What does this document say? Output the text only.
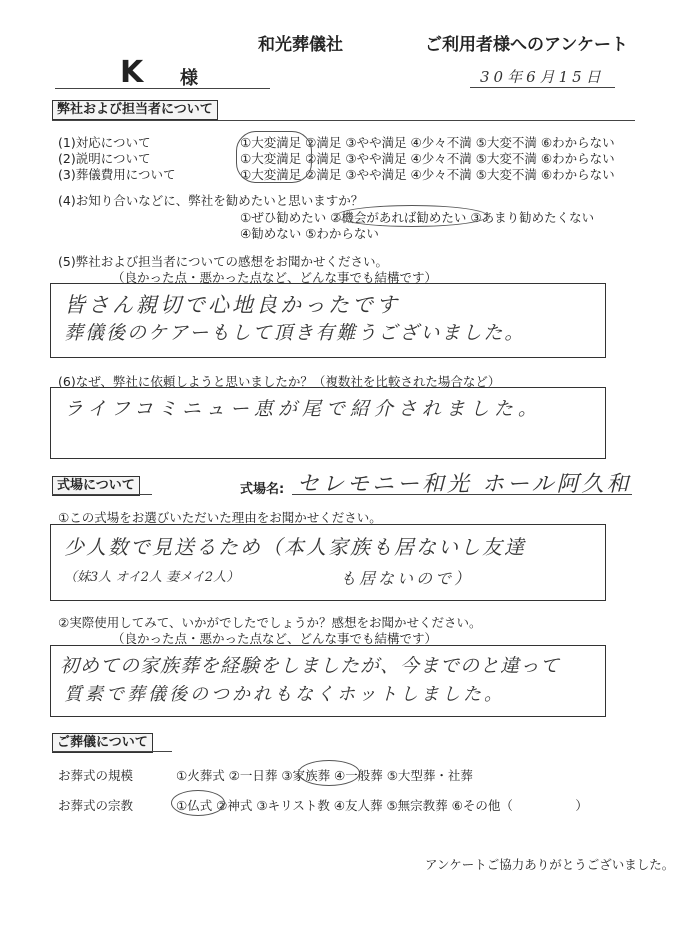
和光葬儀社	ご利用者様へのアンケート
K 様	30年6月15日
弊社および担当者について
(1)対応について	①大変満足 ②満足 ③やや満足 ④少々不満 ⑤大変不満 ⑥わからない
(2)説明について	①大変満足 ②満足 ③やや満足 ④少々不満 ⑤大変不満 ⑥わからない
(3)葬儀費用について	①大変満足 ②満足 ③やや満足 ④少々不満 ⑤大変不満 ⑥わからない
(4)お知り合いなどに、弊社を勧めたいと思いますか？
①ぜひ勧めたい ②機会があれば勧めたい ③あまり勧めたくない
④勧めない ⑤わからない
(5)弊社および担当者についての感想をお聞かせください。
（良かった点・悪かった点など、どんな事でも結構です）
皆さん親切で心地良かったです
葬儀後のケアーもして頂き有難うございました。
(6)なぜ、弊社に依頼しようと思いましたか？（複数社を比較された場合など）
ライフコミニュー恵が尾で紹介されました。
式場について	式場名: セレモニー和光 ホール阿久和
①この式場をお選びいただいた理由をお聞かせください。
少人数で見送るため（本人家族も居ないし友達
（妹3人 オイ2人 妻メイ2人）	も居ないので）
②実際使用してみて、いかがでしたでしょうか？感想をお聞かせください。
（良かった点・悪かった点など、どんな事でも結構です）
初めての家族葬を経験をしましたが、今までのと違って
質素で葬儀後のつかれもなくホットしました。
ご葬儀について
お葬式の規模	①火葬式 ②一日葬 ③家族葬 ④一般葬 ⑤大型葬・社葬
お葬式の宗教	①仏式 ②神式 ③キリスト教 ④友人葬 ⑤無宗教葬 ⑥その他（　　　　　）
アンケートご協力ありがとうございました。
